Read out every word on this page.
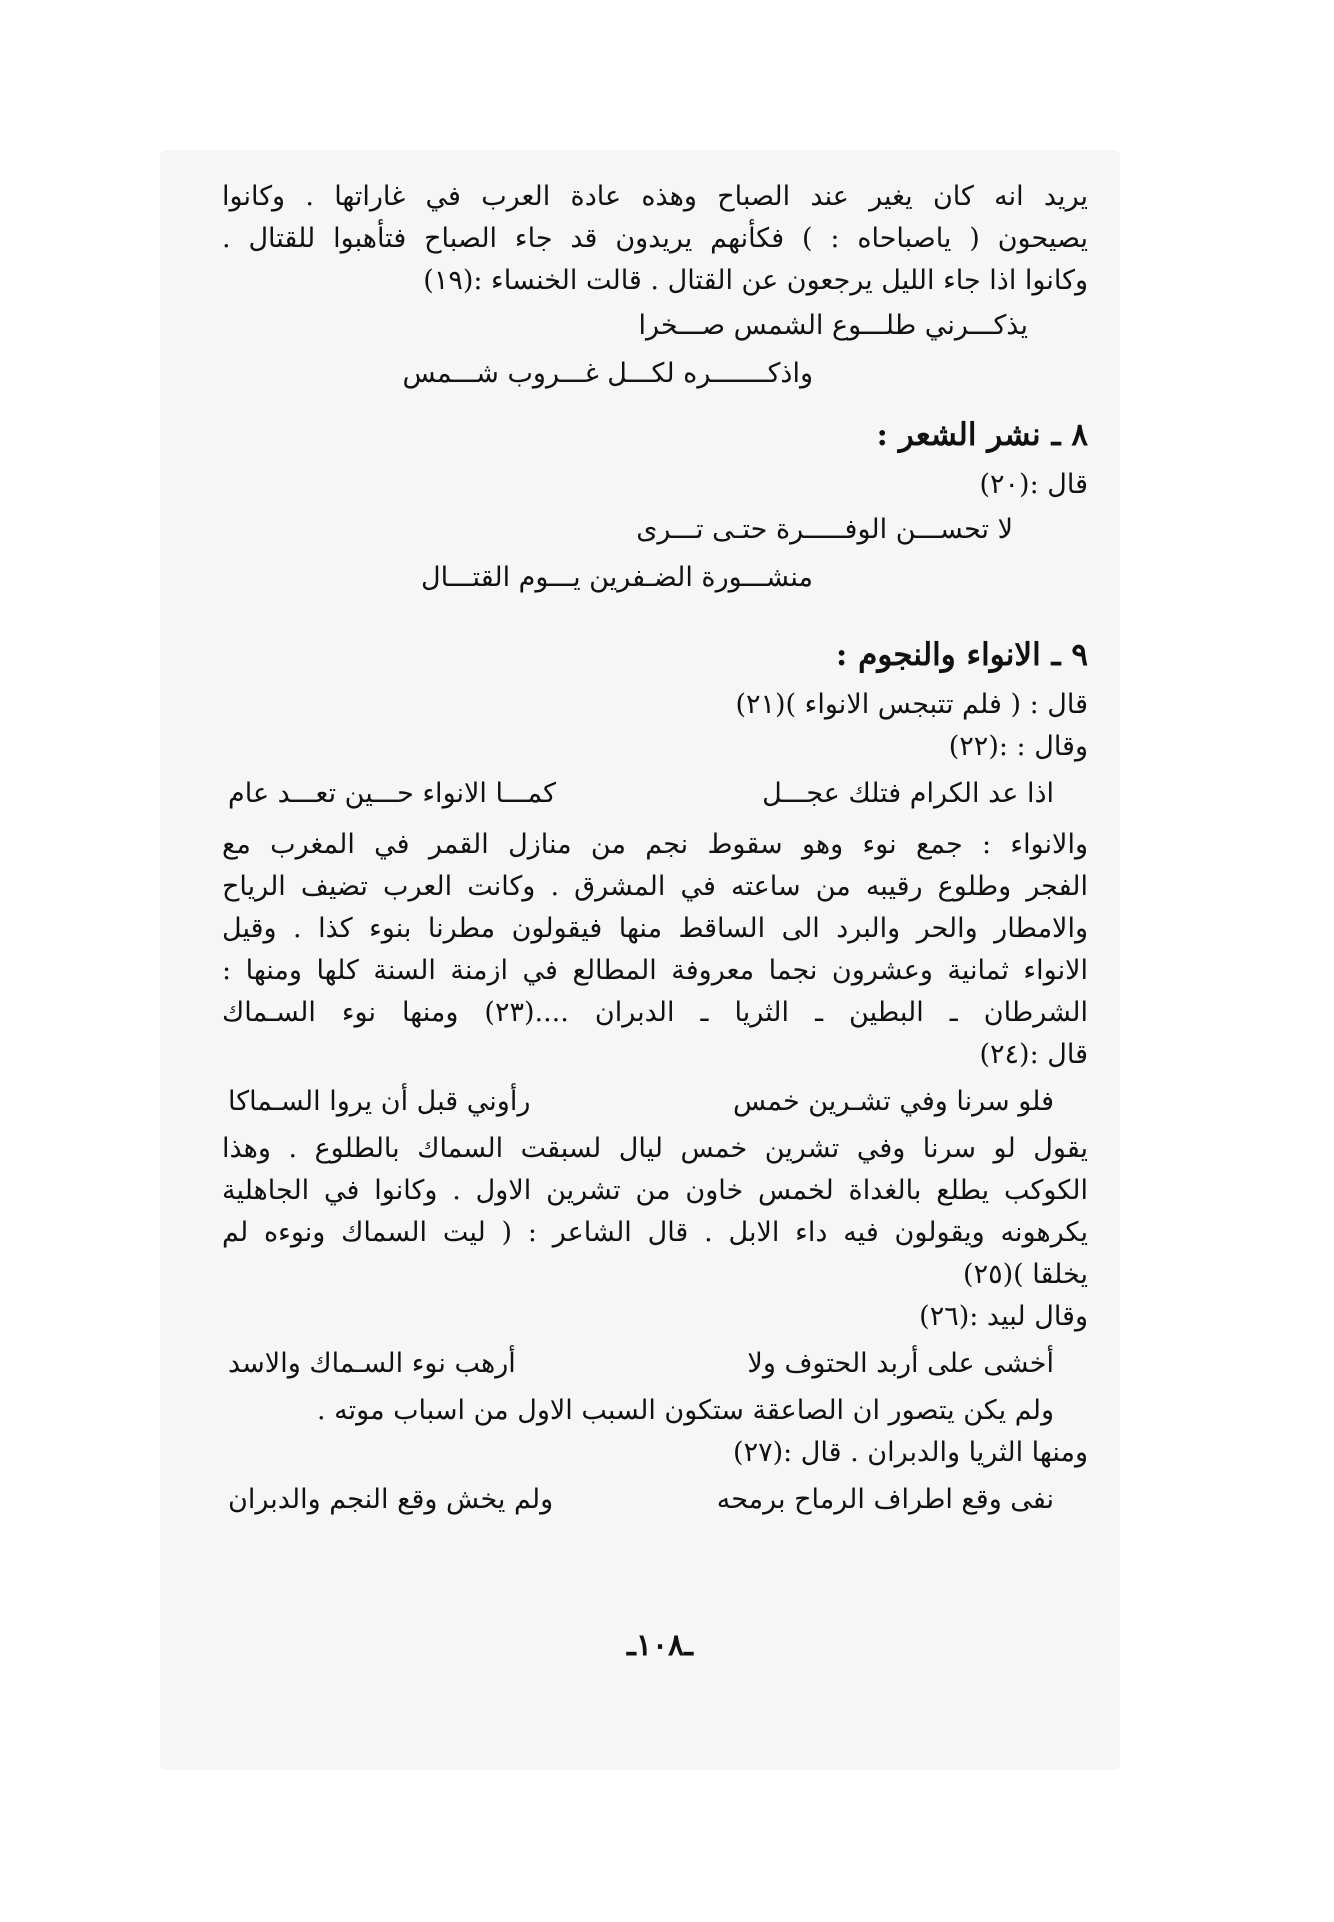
يريد انه كان يغير عند الصباح وهذه عادة العرب في غاراتها . وكانوا
يصيحون ( ياصباحاه : ) فكأنهم يريدون قد جاء الصباح فتأهبوا للقتال .
وكانوا اذا جاء الليل يرجعون عن القتال . قالت الخنساء :(١٩)
يذكـــرني طلـــوع الشمس صـــخرا
واذكـــــــره لكـــل غـــروب شـــمس
٨ ـ نشر الشعر :
قال :(٢٠)
لا تحســـن الوفـــــرة حتـى تـــرى
منشـــورة الضـفرين يـــوم القتـــال
٩ ـ الانواء والنجوم :
قال : ( فلم تتبجس الانواء )(٢١)
وقال : :(٢٢)
اذا عد الكرام فتلك عجـــل
كمـــا الانواء حـــين تعـــد عام
والانواء : جمع نوء وهو سقوط نجم من منازل القمر في المغرب مع
الفجر وطلوع رقيبه من ساعته في المشرق . وكانت العرب تضيف الرياح
والامطار والحر والبرد الى الساقط منها فيقولون مطرنا بنوء كذا . وقيل
الانواء ثمانية وعشرون نجما معروفة المطالع في ازمنة السنة كلها ومنها :
الشرطان ـ البطين ـ الثريا ـ الدبران ....(٢٣) ومنها نوء السـماك
قال :(٢٤)
فلو سرنا وفي تشـرين خمس
رأوني قبل أن يروا السـماكا
يقول لو سرنا وفي تشرين خمس ليال لسبقت السماك بالطلوع . وهذا
الكوكب يطلع بالغداة لخمس خاون من تشرين الاول . وكانوا في الجاهلية
يكرهونه ويقولون فيه داء الابل . قال الشاعر : ( ليت السماك ونوءه لم
يخلقا )(٢٥)
وقال لبيد :(٢٦)
أخشى على أربد الحتوف ولا
أرهب نوء السـماك والاسد
ولم يكن يتصور ان الصاعقة ستكون السبب الاول من اسباب موته .
ومنها الثريا والدبران . قال :(٢٧)
نفى وقع اطراف الرماح برمحه
ولم يخش وقع النجم والدبران
ـ١٠٨ـ
